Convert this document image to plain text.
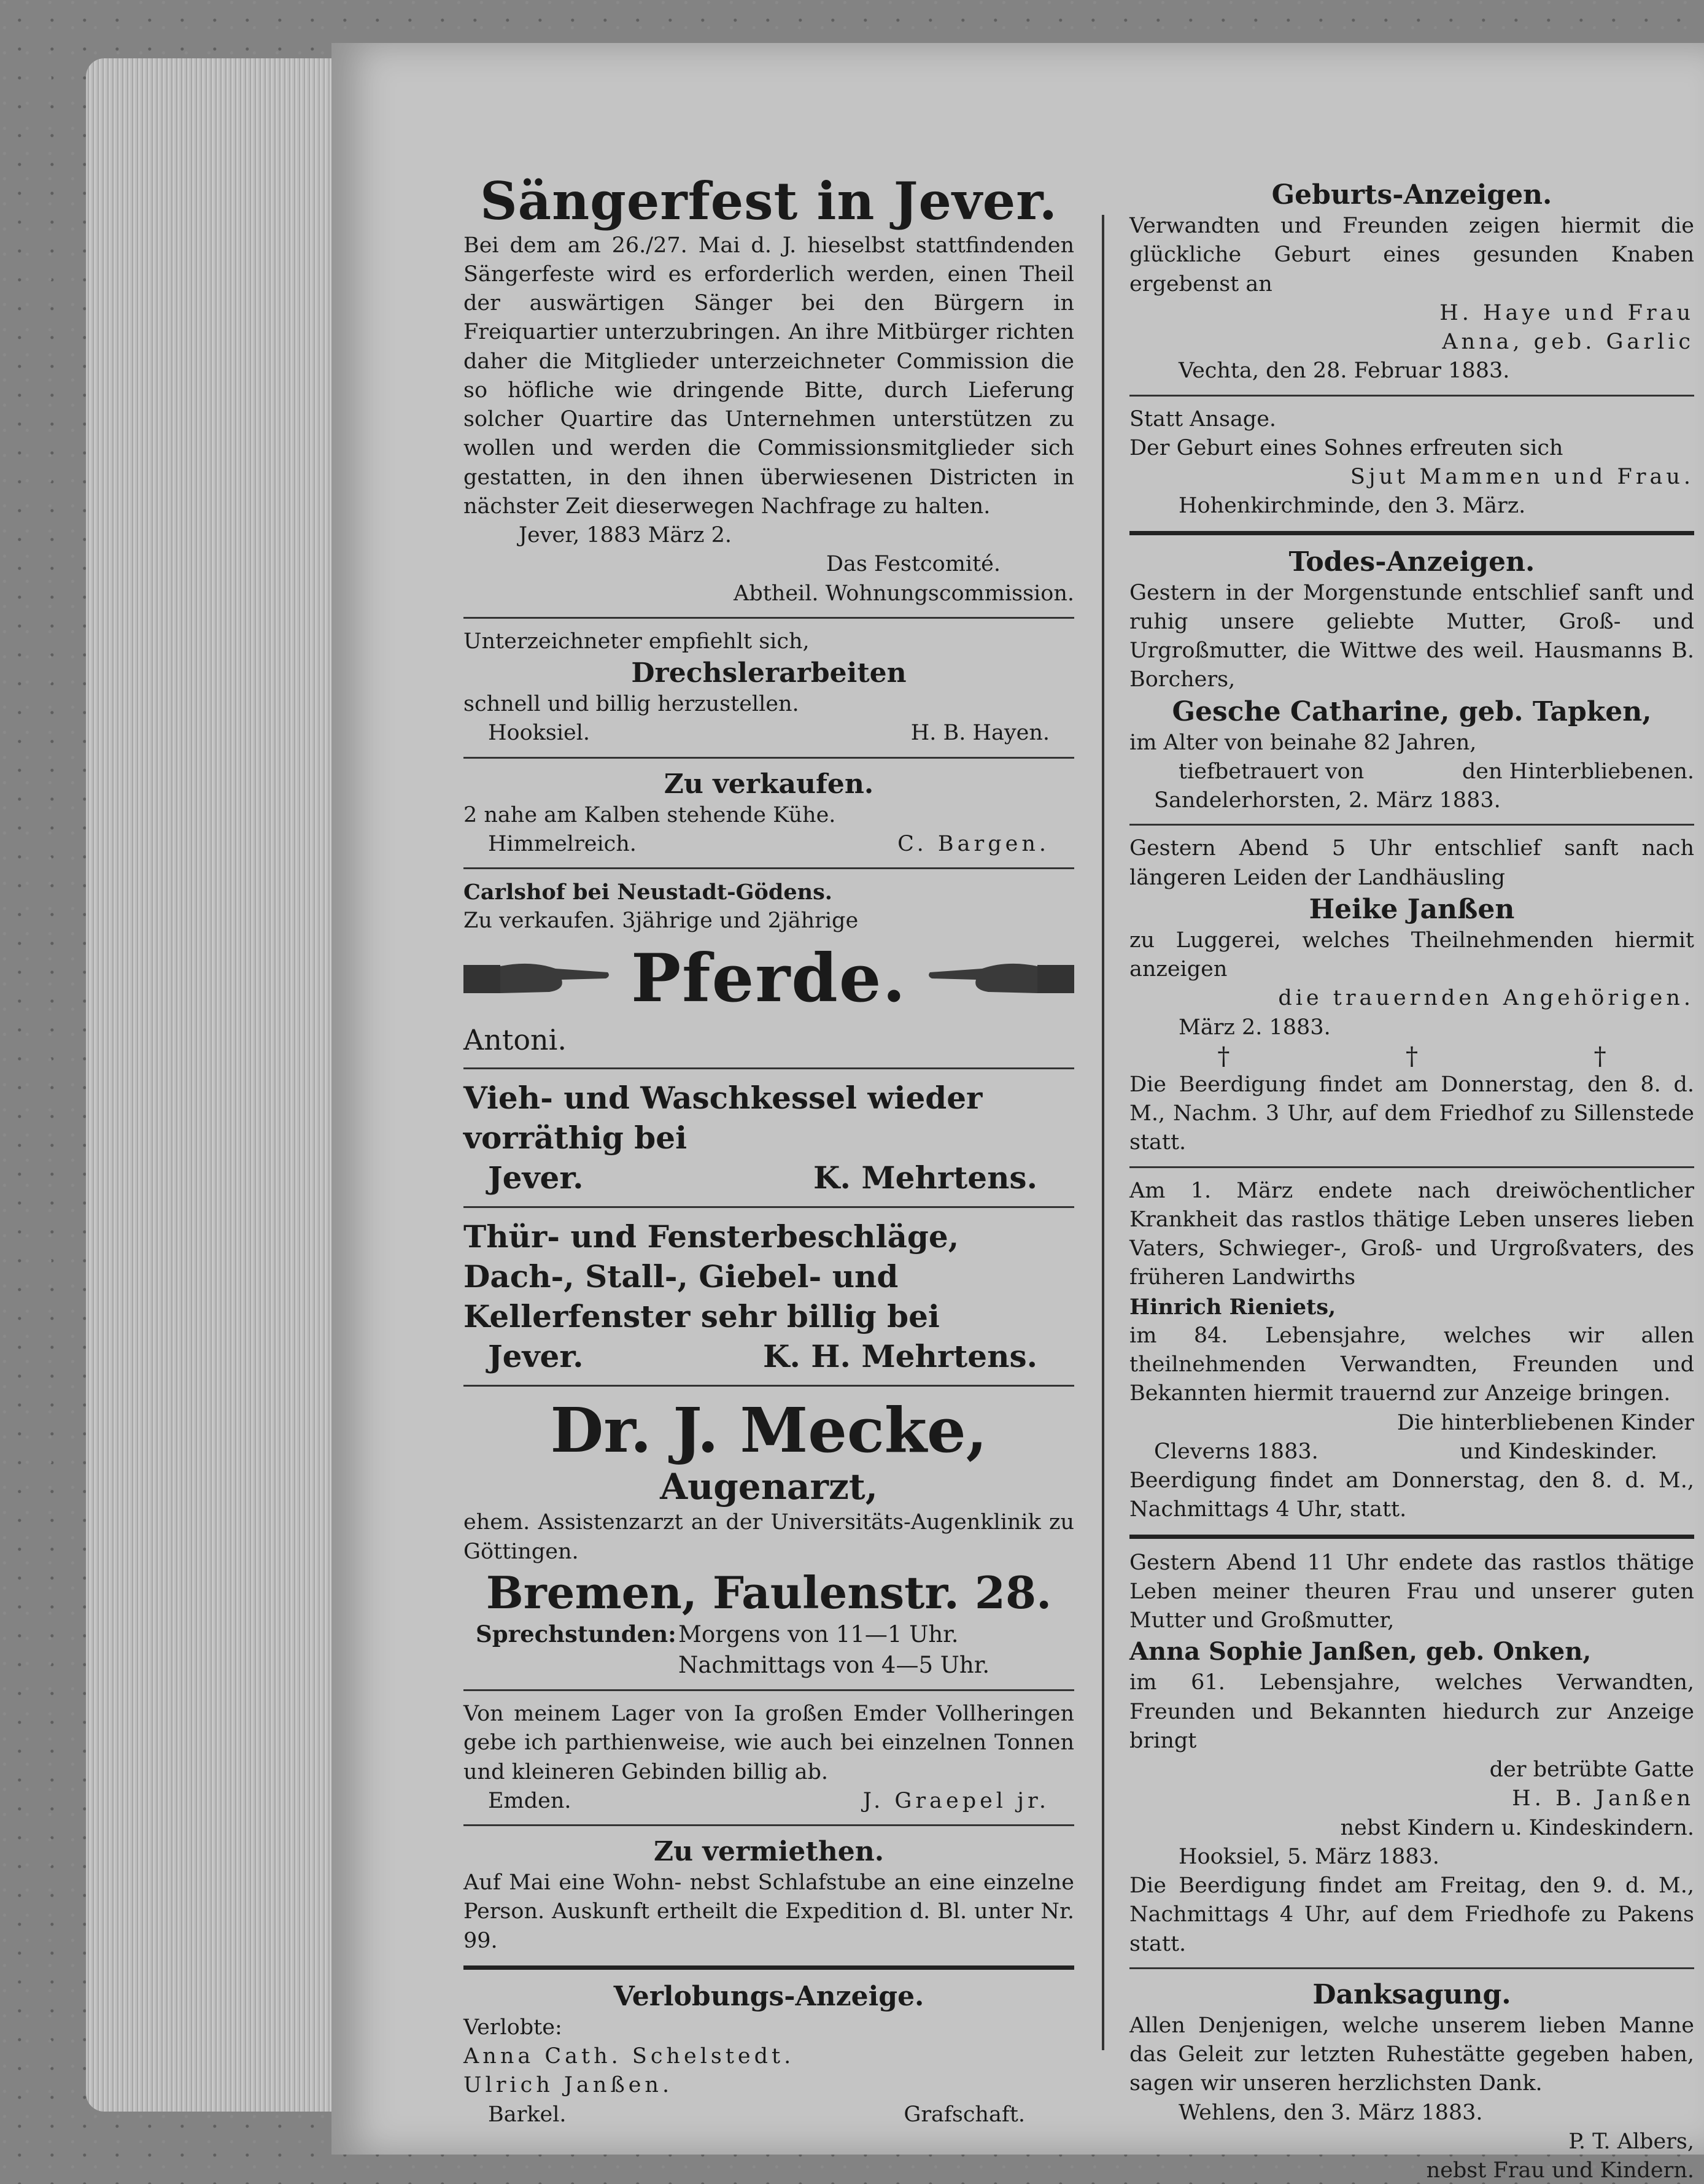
Sängerfest in Jever.
Bei dem am 26./27. Mai d. J. hieselbst stattfindenden Sängerfeste wird es erforderlich werden, einen Theil der auswärtigen Sänger bei den Bürgern in Freiquartier unterzubringen. An ihre Mitbürger richten daher die Mitglieder unterzeichneter Commission die so höfliche wie dringende Bitte, durch Lieferung solcher Quartire das Unternehmen unterstützen zu wollen und werden die Commissionsmitglieder sich gestatten, in den ihnen überwiesenen Districten in nächster Zeit dieserwegen Nachfrage zu halten.
Jever, 1883 März 2.
Das Festcomité.
Abtheil. Wohnungscommission.
Unterzeichneter empfiehlt sich,
Drechslerarbeiten
schnell und billig herzustellen.
Hooksiel.	H. B. Hayen.
Zu verkaufen.
2 nahe am Kalben stehende Kühe.
Himmelreich.	C. Bargen.
Carlshof bei Neustadt-Gödens.
Zu verkaufen. 3jährige und 2jährige
Pferde.
Antoni.
Vieh- und Waschkessel wieder vorräthig bei
Jever.	K. Mehrtens.
Thür- und Fensterbeschläge, Dach-, Stall-, Giebel- und Kellerfenster sehr billig bei
Jever.	K. H. Mehrtens.
Dr. J. Mecke,
Augenarzt,
ehem. Assistenzarzt an der Universitäts-Augenklinik zu Göttingen.
Bremen, Faulenstr. 28.
Sprechstunden: Morgens von 11—1 Uhr.
Nachmittags von 4—5 Uhr.
Von meinem Lager von Ia großen Emder Vollheringen gebe ich parthienweise, wie auch bei einzelnen Tonnen und kleineren Gebinden billig ab.
Emden.	J. Graepel jr.
Zu vermiethen.
Auf Mai eine Wohn- nebst Schlafstube an eine einzelne Person. Auskunft ertheilt die Expedition d. Bl. unter Nr. 99.
Verlobungs-Anzeige.
Verlobte:
Anna Cath. Schelstedt.
Ulrich Janßen.
Barkel.	Grafschaft.
Geburts-Anzeigen.
Verwandten und Freunden zeigen hiermit die glückliche Geburt eines gesunden Knaben ergebenst an
H. Haye und Frau
Anna, geb. Garlic
Vechta, den 28. Februar 1883.
Statt Ansage.
Der Geburt eines Sohnes erfreuten sich
Sjut Mammen und Frau.
Hohenkirchminde, den 3. März.
Todes-Anzeigen.
Gestern in der Morgenstunde entschlief sanft und ruhig unsere geliebte Mutter, Groß- und Urgroßmutter, die Wittwe des weil. Hausmanns B. Borchers,
Gesche Catharine, geb. Tapken,
im Alter von beinahe 82 Jahren,
tiefbetrauert von	den Hinterbliebenen.
Sandelerhorsten, 2. März 1883.
Gestern Abend 5 Uhr entschlief sanft nach längeren Leiden der Landhäusling
Heike Janßen
zu Luggerei, welches Theilnehmenden hiermit anzeigen
die trauernden Angehörigen.
März 2. 1883.
†	†	†
Die Beerdigung findet am Donnerstag, den 8. d. M., Nachm. 3 Uhr, auf dem Friedhof zu Sillenstede statt.
Am 1. März endete nach dreiwöchentlicher Krankheit das rastlos thätige Leben unseres lieben Vaters, Schwieger-, Groß- und Urgroßvaters, des früheren Landwirths
Hinrich Rieniets,
im 84. Lebensjahre, welches wir allen theilnehmenden Verwandten, Freunden und Bekannten hiermit trauernd zur Anzeige bringen.
Die hinterbliebenen Kinder
Cleverns 1883.	und Kindeskinder.
Beerdigung findet am Donnerstag, den 8. d. M., Nachmittags 4 Uhr, statt.
Gestern Abend 11 Uhr endete das rastlos thätige Leben meiner theuren Frau und unserer guten Mutter und Großmutter,
Anna Sophie Janßen, geb. Onken,
im 61. Lebensjahre, welches Verwandten, Freunden und Bekannten hiedurch zur Anzeige bringt
der betrübte Gatte
H. B. Janßen
nebst Kindern u. Kindeskindern.
Hooksiel, 5. März 1883.
Die Beerdigung findet am Freitag, den 9. d. M., Nachmittags 4 Uhr, auf dem Friedhofe zu Pakens statt.
Danksagung.
Allen Denjenigen, welche unserem lieben Manne das Geleit zur letzten Ruhestätte gegeben haben, sagen wir unseren herzlichsten Dank.
Wehlens, den 3. März 1883.
P. T. Albers,
nebst Frau und Kindern.
